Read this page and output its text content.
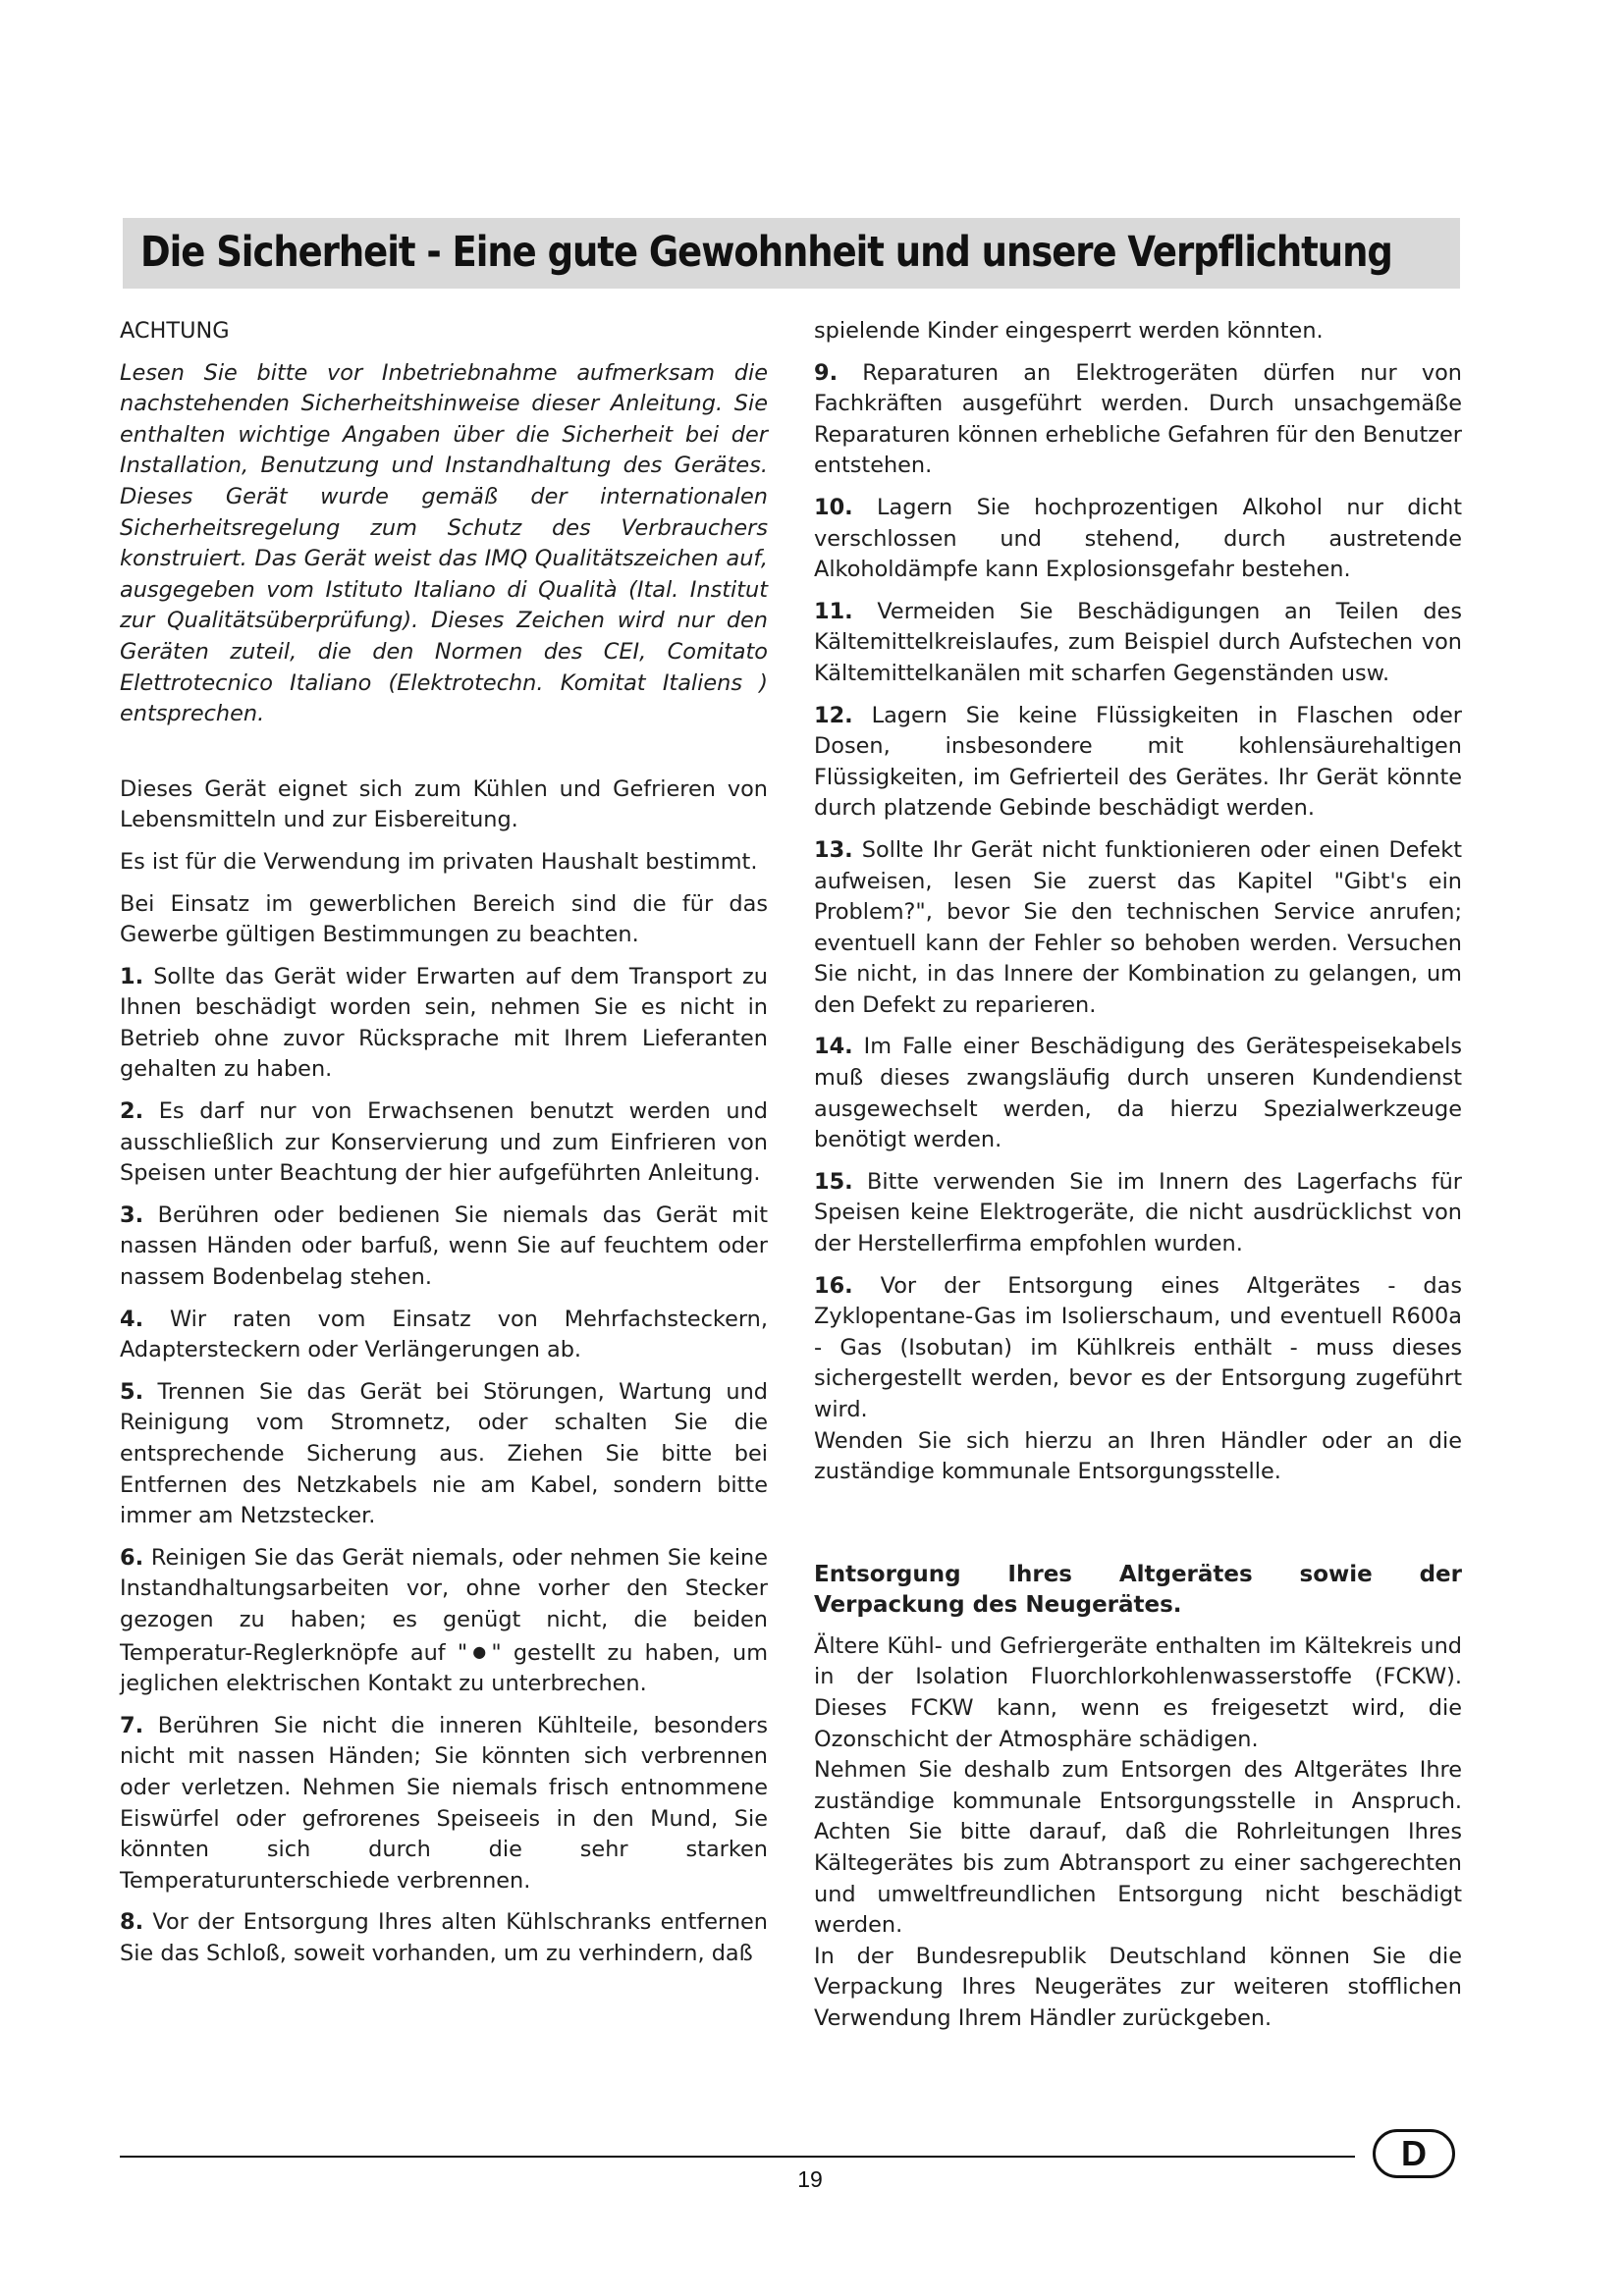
Die Sicherheit - Eine gute Gewohnheit und unsere Verpflichtung

ACHTUNG

Lesen Sie bitte vor Inbetriebnahme aufmerksam die nachstehenden Sicherheitshinweise dieser Anleitung. Sie enthalten wichtige Angaben über die Sicherheit bei der Installation, Benutzung und Instandhaltung des Gerätes. Dieses Gerät wurde gemäß der internationalen Sicherheitsregelung zum Schutz des Verbrauchers konstruiert. Das Gerät weist das IMQ Qualitätszeichen auf, ausgegeben vom Istituto Italiano di Qualità (Ital. Institut zur Qualitätsüberprüfung). Dieses Zeichen wird nur den Geräten zuteil, die den Normen des CEI, Comitato Elettrotecnico Italiano (Elektrotechn. Komitat Italiens ) entsprechen.

Dieses Gerät eignet sich zum Kühlen und Gefrieren von Lebensmitteln und zur Eisbereitung.

Es ist für die Verwendung im privaten Haushalt bestimmt.

Bei Einsatz im gewerblichen Bereich sind die für das Gewerbe gültigen Bestimmungen zu beachten.

1. Sollte das Gerät wider Erwarten auf dem Transport zu Ihnen beschädigt worden sein, nehmen Sie es nicht in Betrieb ohne zuvor Rücksprache mit Ihrem Lieferanten gehalten zu haben.

2. Es darf nur von Erwachsenen benutzt werden und ausschließlich zur Konservierung und zum Einfrieren von Speisen unter Beachtung der hier aufgeführten Anleitung.

3. Berühren oder bedienen Sie niemals das Gerät mit nassen Händen oder barfuß, wenn Sie auf feuchtem oder nassem Bodenbelag stehen.

4. Wir raten vom Einsatz von Mehrfachsteckern, Adaptersteckern oder Verlängerungen ab.

5. Trennen Sie das Gerät bei Störungen, Wartung und Reinigung vom Stromnetz, oder schalten Sie die entsprechende Sicherung aus. Ziehen Sie bitte bei Entfernen des Netzkabels nie am Kabel, sondern bitte immer am Netzstecker.

6. Reinigen Sie das Gerät niemals, oder nehmen Sie keine Instandhaltungsarbeiten vor, ohne vorher den Stecker gezogen zu haben; es genügt nicht, die beiden Temperatur-Reglerknöpfe auf "●" gestellt zu haben, um jeglichen elektrischen Kontakt zu unterbrechen.

7. Berühren Sie nicht die inneren Kühlteile, besonders nicht mit nassen Händen; Sie könnten sich verbrennen oder verletzen. Nehmen Sie niemals frisch entnommene Eiswürfel oder gefrorenes Speiseeis in den Mund, Sie könnten sich durch die sehr starken Temperaturunterschiede verbrennen.

8. Vor der Entsorgung Ihres alten Kühlschranks entfernen Sie das Schloß, soweit vorhanden, um zu verhindern, daß

spielende Kinder eingesperrt werden könnten.

9. Reparaturen an Elektrogeräten dürfen nur von Fachkräften ausgeführt werden. Durch unsachgemäße Reparaturen können erhebliche Gefahren für den Benutzer entstehen.

10. Lagern Sie hochprozentigen Alkohol nur dicht verschlossen und stehend, durch austretende Alkoholdämpfe kann Explosionsgefahr bestehen.

11. Vermeiden Sie Beschädigungen an Teilen des Kältemittelkreislaufes, zum Beispiel durch Aufstechen von Kältemittelkanälen mit scharfen Gegenständen usw.

12. Lagern Sie keine Flüssigkeiten in Flaschen oder Dosen, insbesondere mit kohlensäurehaltigen Flüssigkeiten, im Gefrierteil des Gerätes. Ihr Gerät könnte durch platzende Gebinde beschädigt werden.

13. Sollte Ihr Gerät nicht funktionieren oder einen Defekt aufweisen, lesen Sie zuerst das Kapitel "Gibt's ein Problem?", bevor Sie den technischen Service anrufen; eventuell kann der Fehler so behoben werden. Versuchen Sie nicht, in das Innere der Kombination zu gelangen, um den Defekt zu reparieren.

14. Im Falle einer Beschädigung des Gerätespeisekabels muß dieses zwangsläufig durch unseren Kundendienst ausgewechselt werden, da hierzu Spezialwerkzeuge benötigt werden.

15. Bitte verwenden Sie im Innern des Lagerfachs für Speisen keine Elektrogeräte, die nicht ausdrücklichst von der Herstellerfirma empfohlen wurden.

16. Vor der Entsorgung eines Altgerätes - das Zyklopentane-Gas im Isolierschaum, und eventuell R600a - Gas (Isobutan) im Kühlkreis enthält - muss dieses sichergestellt werden, bevor es der Entsorgung zugeführt wird.

Wenden Sie sich hierzu an Ihren Händler oder an die zuständige kommunale Entsorgungsstelle.

Entsorgung Ihres Altgerätes sowie der Verpackung des Neugerätes.

Ältere Kühl- und Gefriergeräte enthalten im Kältekreis und in der Isolation Fluorchlorkohlenwasserstoffe (FCKW). Dieses FCKW kann, wenn es freigesetzt wird, die Ozonschicht der Atmosphäre schädigen.

Nehmen Sie deshalb zum Entsorgen des Altgerätes Ihre zuständige kommunale Entsorgungsstelle in Anspruch. Achten Sie bitte darauf, daß die Rohrleitungen Ihres Kältegerätes bis zum Abtransport zu einer sachgerechten und umweltfreundlichen Entsorgung nicht beschädigt werden.

In der Bundesrepublik Deutschland können Sie die Verpackung Ihres Neugerätes zur weiteren stofflichen Verwendung Ihrem Händler zurückgeben.

19
D
